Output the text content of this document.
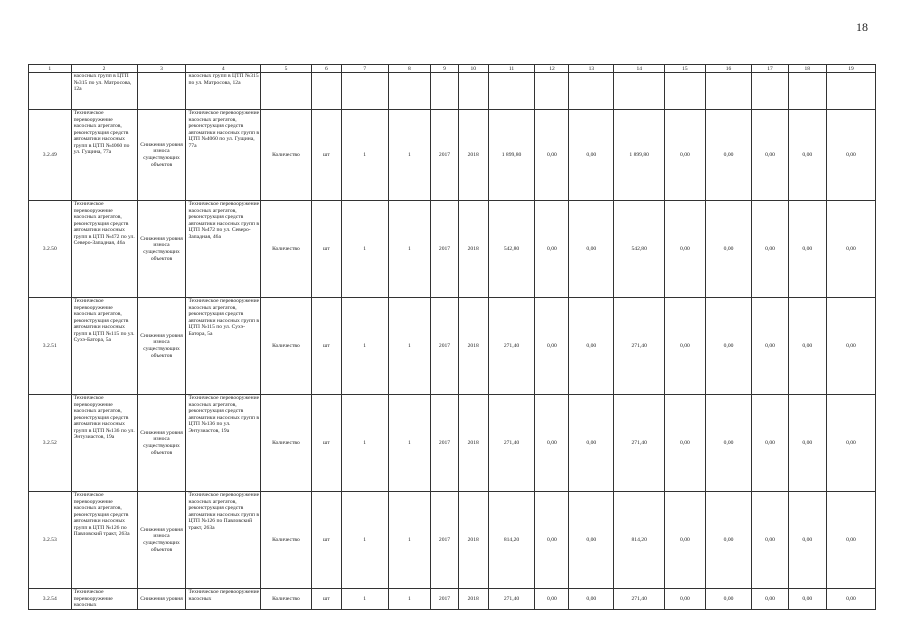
18
1	2	3	4	5	6	7	8	9	10	11	12	13	14	15	16	17	18	19
	насосных групп в ЦТП №315 по ул. Матросова, 12а		насосных групп в ЦТП №315 по ул. Матросова, 12а															
3.2.49	Техническое перевооружение насосных агрегатов, реконструкция средств автоматики насосных групп в ЦТП №4060 по ул. Гущина, 77а	Снижения уровня износа существующих объектов	Техническое перевооружение насосных агрегатов, реконструкция средств автоматики насосных групп в ЦТП №4060 по ул. Гущина, 77а	Количество	шт	1	1	2017	2018	1 899,80	0,00	0,00	1 899,80	0,00	0,00	0,00	0,00	0,00
3.2.50	Техническое перевооружение насосных агрегатов, реконструкция средств автоматики насосных групп в ЦТП №472 по ул. Северо-Западная, 46а	Снижения уровня износа существующих объектов	Техническое перевооружение насосных агрегатов, реконструкция средств автоматики насосных групп в ЦТП №472 по ул. Северо-Западная, 46а	Количество	шт	1	1	2017	2018	542,80	0,00	0,00	542,80	0,00	0,00	0,00	0,00	0,00
3.2.51	Техническое перевооружение насосных агрегатов, реконструкция средств автоматики насосных групп в ЦТП №115 по ул. Сухэ-Батора, 5а	Снижения уровня износа существующих объектов	Техническое перевооружение насосных агрегатов, реконструкция средств автоматики насосных групп в ЦТП №115 по ул. Сухэ-Батора, 5а	Количество	шт	1	1	2017	2018	271,40	0,00	0,00	271,40	0,00	0,00	0,00	0,00	0,00
3.2.52	Техническое перевооружение насосных агрегатов, реконструкция средств автоматики насосных групп в ЦТП №136 по ул. Энтузиастов, 19а	Снижения уровня износа существующих объектов	Техническое перевооружение насосных агрегатов, реконструкция средств автоматики насосных групп в ЦТП №136 по ул. Энтузиастов, 19а	Количество	шт	1	1	2017	2018	271,40	0,00	0,00	271,40	0,00	0,00	0,00	0,00	0,00
3.2.53	Техническое перевооружение насосных агрегатов, реконструкция средств автоматики насосных групп в ЦТП №126 по Павловский тракт, 263а	Снижения уровня износа существующих объектов	Техническое перевооружение насосных агрегатов, реконструкция средств автоматики насосных групп в ЦТП №126 по Павловский тракт, 263а	Количество	шт	1	1	2017	2018	814,20	0,00	0,00	814,20	0,00	0,00	0,00	0,00	0,00
3.2.54	Техническое перевооружение насосных	Снижения уровня	Техническое перевооружение насосных	Количество	шт	1	1	2017	2018	271,40	0,00	0,00	271,40	0,00	0,00	0,00	0,00	0,00
